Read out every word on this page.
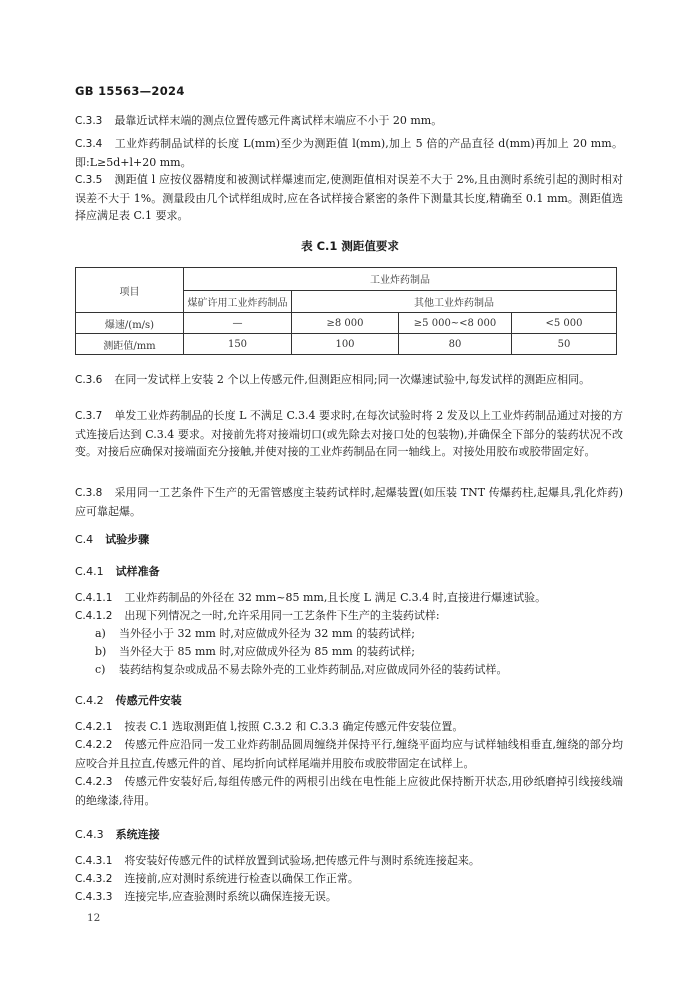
GB 15563—2024
C.3.3 最靠近试样末端的测点位置传感元件离试样末端应不小于 20 mm。
C.3.4 工业炸药制品试样的长度 L(mm)至少为测距值 l(mm),加上 5 倍的产品直径 d(mm)再加上 20 mm。即:L≥5d+l+20 mm。
C.3.5 测距值 l 应按仪器精度和被测试样爆速而定,使测距值相对误差不大于 2%,且由测时系统引起的测时相对误差不大于 1%。测量段由几个试样组成时,应在各试样接合紧密的条件下测量其长度,精确至 0.1 mm。测距值选择应满足表 C.1 要求。
表 C.1 测距值要求
项目	工业炸药制品			
	煤矿许用工业炸药制品	其他工业炸药制品		
爆速/(m/s)	—	≥8 000	≥5 000~<8 000	<5 000
测距值/mm	150	100	80	50
C.3.6 在同一发试样上安装 2 个以上传感元件,但测距应相同;同一次爆速试验中,每发试样的测距应相同。
C.3.7 单发工业炸药制品的长度 L 不满足 C.3.4 要求时,在每次试验时将 2 发及以上工业炸药制品通过对接的方式连接后达到 C.3.4 要求。对接前先将对接端切口(或先除去对接口处的包装物),并确保全下部分的装药状况不改变。对接后应确保对接端面充分接触,并使对接的工业炸药制品在同一轴线上。对接处用胶布或胶带固定好。
C.3.8 采用同一工艺条件下生产的无雷管感度主装药试样时,起爆装置(如压装 TNT 传爆药柱,起爆具,乳化炸药)应可靠起爆。
C.4 试验步骤
C.4.1 试样准备
C.4.1.1 工业炸药制品的外径在 32 mm~85 mm,且长度 L 满足 C.3.4 时,直接进行爆速试验。
C.4.1.2 出现下列情况之一时,允许采用同一工艺条件下生产的主装药试样:
a) 当外径小于 32 mm 时,对应做成外径为 32 mm 的装药试样;
b) 当外径大于 85 mm 时,对应做成外径为 85 mm 的装药试样;
c) 装药结构复杂或成品不易去除外壳的工业炸药制品,对应做成同外径的装药试样。
C.4.2 传感元件安装
C.4.2.1 按表 C.1 选取测距值 l,按照 C.3.2 和 C.3.3 确定传感元件安装位置。
C.4.2.2 传感元件应沿同一发工业炸药制品圆周缠绕并保持平行,缠绕平面均应与试样轴线相垂直,缠绕的部分均应咬合并且拉直,传感元件的首、尾均折向试样尾端并用胶布或胶带固定在试样上。
C.4.2.3 传感元件安装好后,每组传感元件的两根引出线在电性能上应彼此保持断开状态,用砂纸磨掉引线接线端的绝缘漆,待用。
C.4.3 系统连接
C.4.3.1 将安装好传感元件的试样放置到试验场,把传感元件与测时系统连接起来。
C.4.3.2 连接前,应对测时系统进行检查以确保工作正常。
C.4.3.3 连接完毕,应查验测时系统以确保连接无误。
12
